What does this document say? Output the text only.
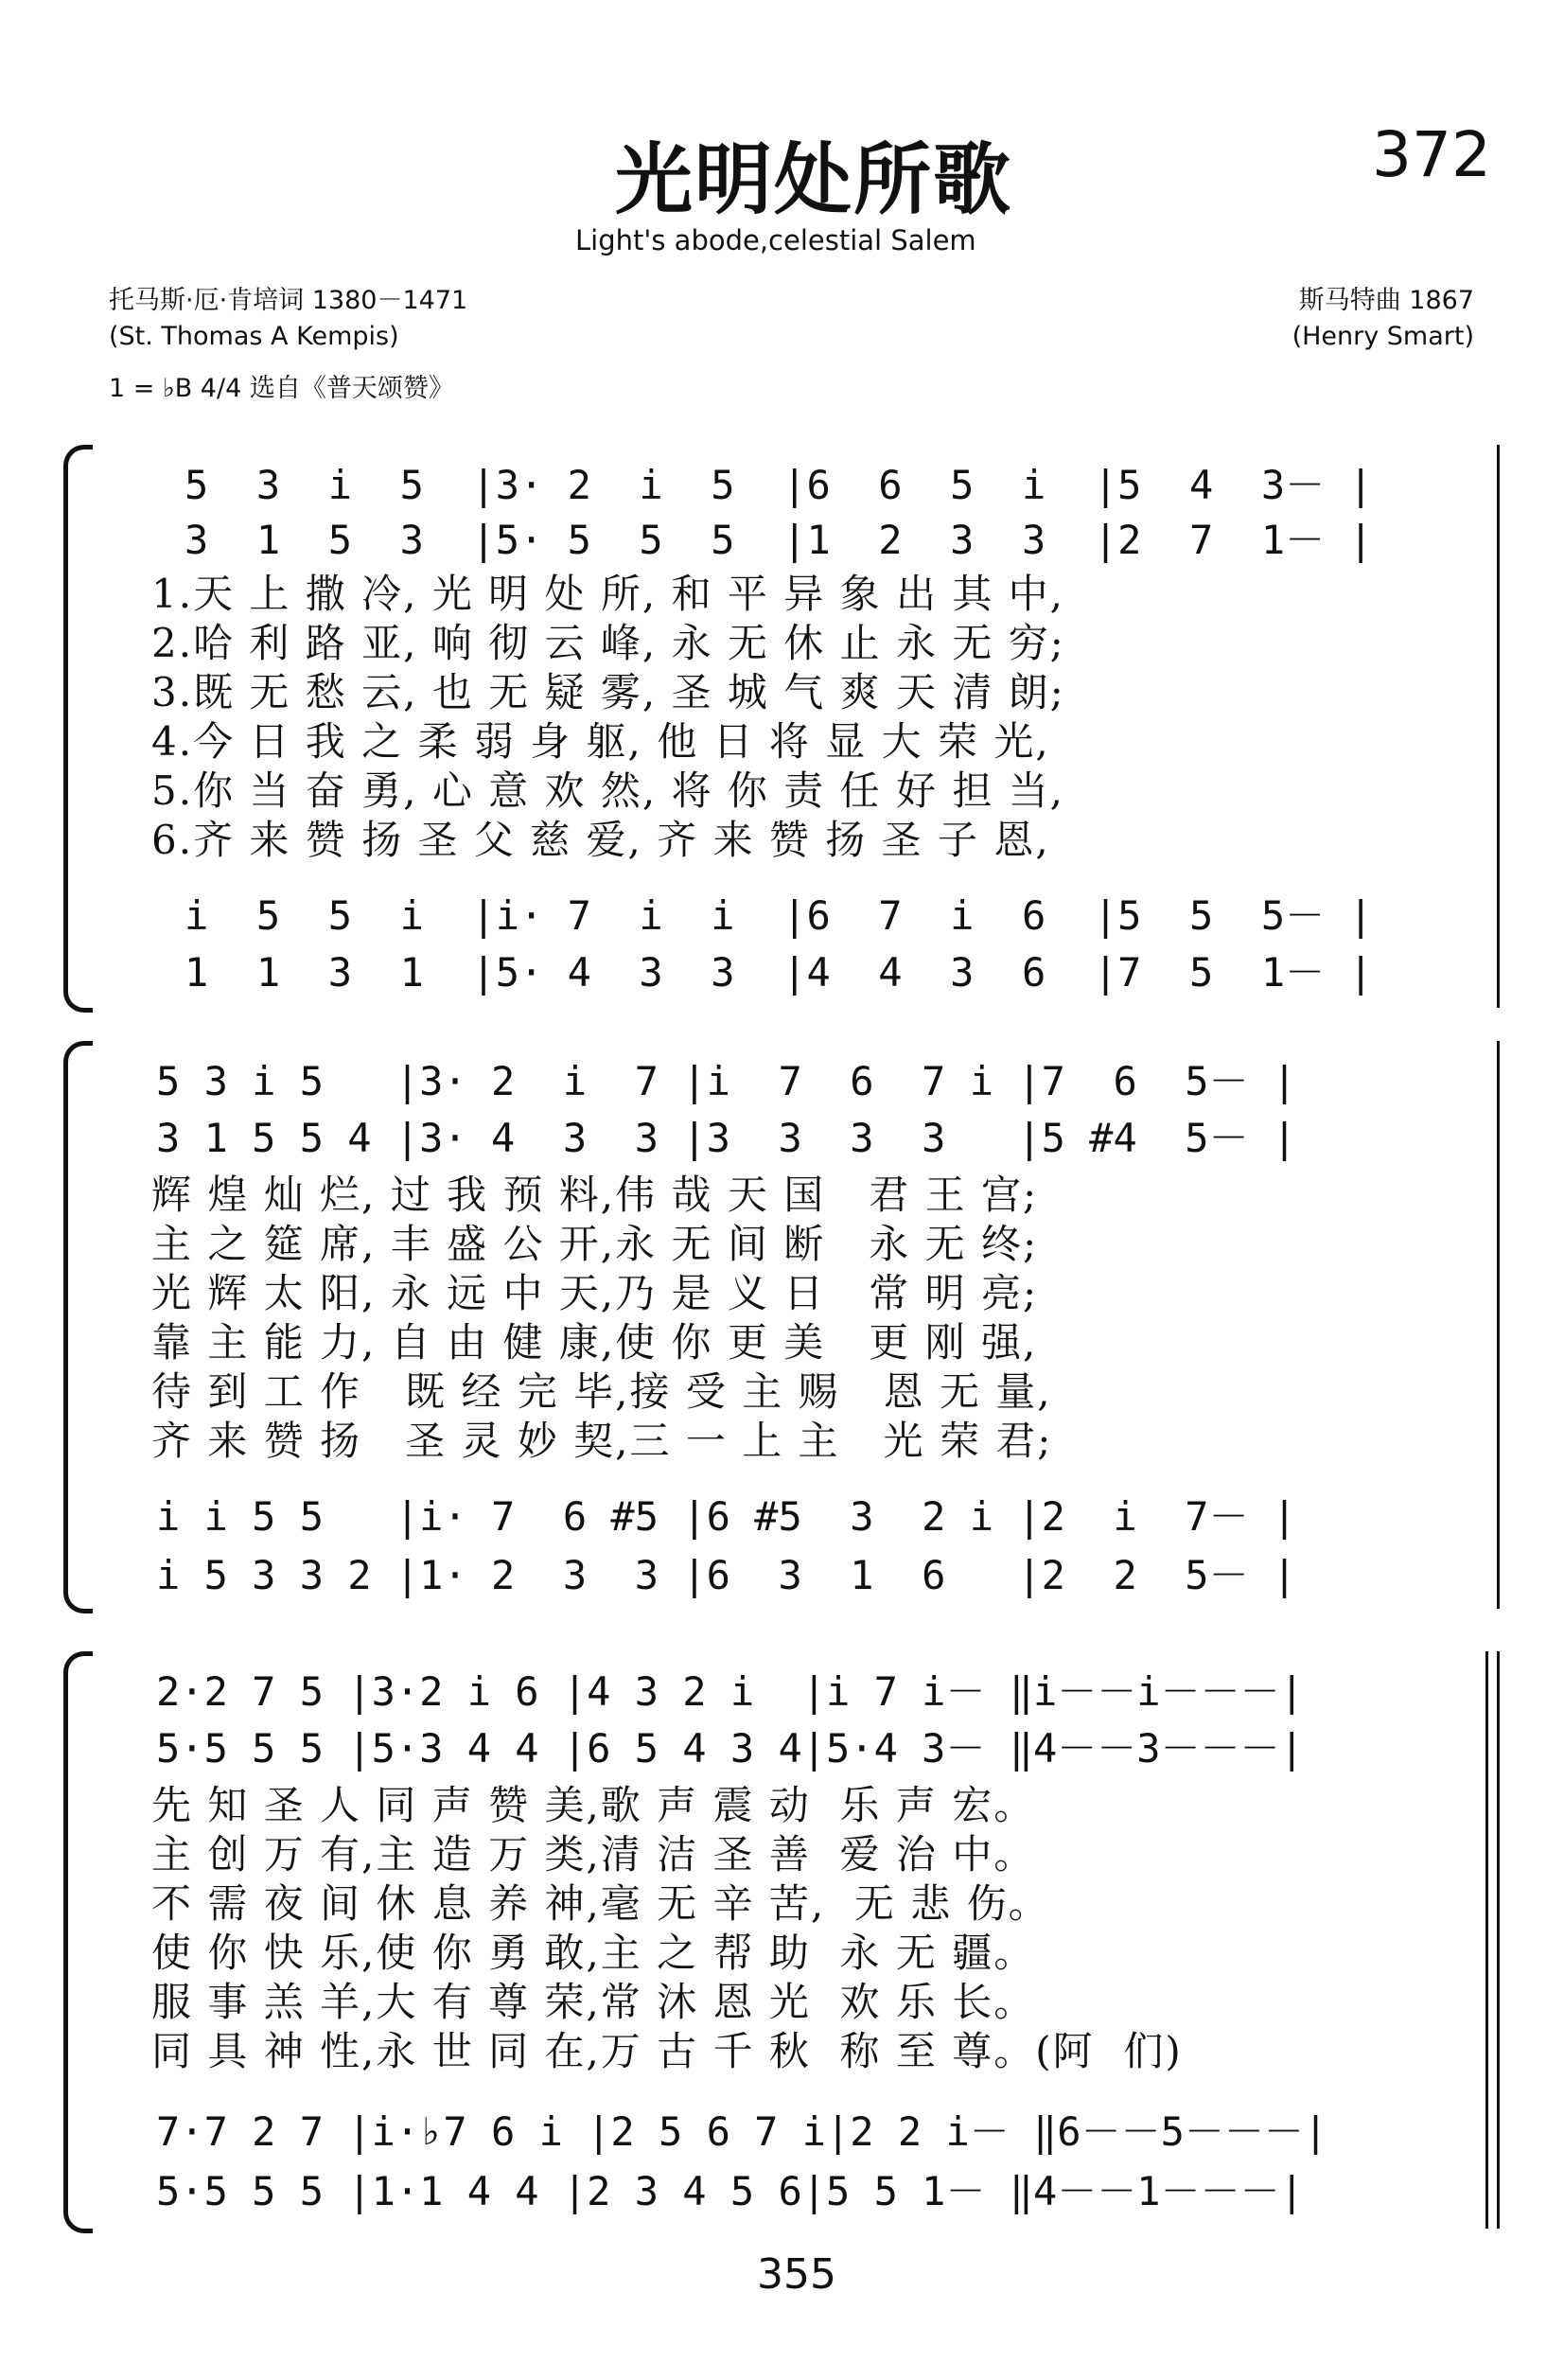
光明处所歌	372
Light's abode,celestial Salem
托马斯·厄·肯培词 1380－1471
(St. Thomas A Kempis)
1 = ♭B 4/4 选自《普天颂赞》
斯马特曲 1867
(Henry Smart)
5  3  i  5  |3· 2  i  5  |6  6  5  i  |5  4  3－ |
3  1  5  3  |5· 5  5  5  |1  2  3  3  |2  7  1－ |
1.天 上 撒 冷, 光 明 处 所, 和 平 异 象 出 其 中,
2.哈 利 路 亚, 响 彻 云 峰, 永 无 休 止 永 无 穷;
3.既 无 愁 云, 也 无 疑 雾, 圣 城 气 爽 天 清 朗;
4.今 日 我 之 柔 弱 身 躯, 他 日 将 显 大 荣 光,
5.你 当 奋 勇, 心 意 欢 然, 将 你 责 任 好 担 当,
6.齐 来 赞 扬 圣 父 慈 爱, 齐 来 赞 扬 圣 子 恩,
i  5  5  i  |i· 7  i  i  |6  7  i  6  |5  5  5－ |
1  1  3  1  |5· 4  3  3  |4  4  3  6  |7  5  1－ |
5 3 i 5   |3· 2  i  7 |i  7  6  7 i |7  6  5－ |
3 1 5 5 4 |3· 4  3  3 |3  3  3  3   |5 #4  5－ |
辉 煌 灿 烂, 过 我 预 料,伟 哉 天 国   君 王 宫;
主 之 筵 席, 丰 盛 公 开,永 无 间 断   永 无 终;
光 辉 太 阳, 永 远 中 天,乃 是 义 日   常 明 亮;
靠 主 能 力, 自 由 健 康,使 你 更 美   更 刚 强,
待 到 工 作   既 经 完 毕,接 受 主 赐   恩 无 量,
齐 来 赞 扬   圣 灵 妙 契,三 一 上 主   光 荣 君;
i i 5 5   |i· 7  6 #5 |6 #5  3  2 i |2  i  7－ |
i 5 3 3 2 |1· 2  3  3 |6  3  1  6   |2  2  5－ |
2·2 7 5 |3·2 i 6 |4 3 2 i  |i 7 i－ ‖i－－i－－－|
5·5 5 5 |5·3 4 4 |6 5 4 3 4|5·4 3－ ‖4－－3－－－|
先 知 圣 人 同 声 赞 美,歌 声 震 动  乐 声 宏。
主 创 万 有,主 造 万 类,清 洁 圣 善  爱 治 中。
不 需 夜 间 休 息 养 神,毫 无 辛 苦,  无 悲 伤。
使 你 快 乐,使 你 勇 敢,主 之 帮 助  永 无 疆。
服 事 羔 羊,大 有 尊 荣,常 沐 恩 光  欢 乐 长。
同 具 神 性,永 世 同 在,万 古 千 秋  称 至 尊。(阿  们)
7·7 2 7 |i·♭7 6 i |2 5 6 7 i|2 2 i－ ‖6－－5－－－|
5·5 5 5 |1·1 4 4 |2 3 4 5 6|5 5 1－ ‖4－－1－－－|
355
